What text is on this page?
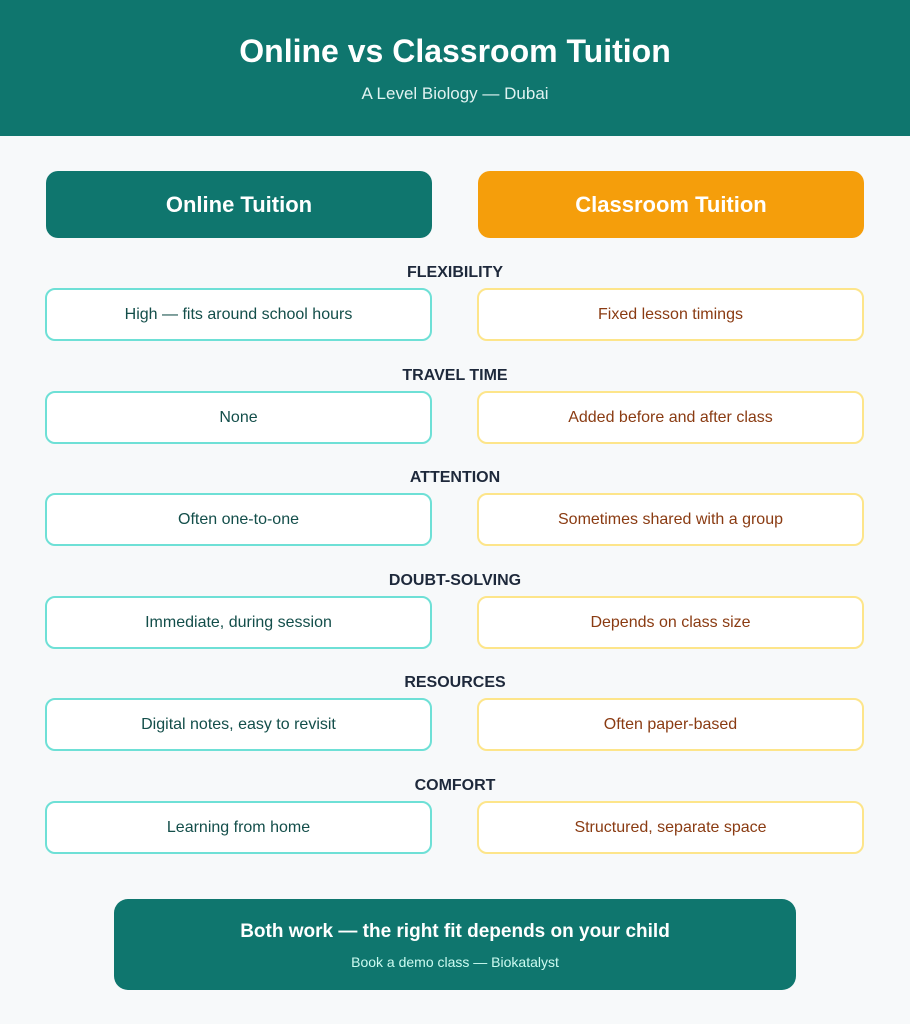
Online vs Classroom Tuition
A Level Biology — Dubai
Online Tuition	Classroom Tuition
FLEXIBILITY
High — fits around school hours	Fixed lesson timings
TRAVEL TIME
None	Added before and after class
ATTENTION
Often one-to-one	Sometimes shared with a group
DOUBT-SOLVING
Immediate, during session	Depends on class size
RESOURCES
Digital notes, easy to revisit	Often paper-based
COMFORT
Learning from home	Structured, separate space
Both work — the right fit depends on your child
Book a demo class — Biokatalyst
